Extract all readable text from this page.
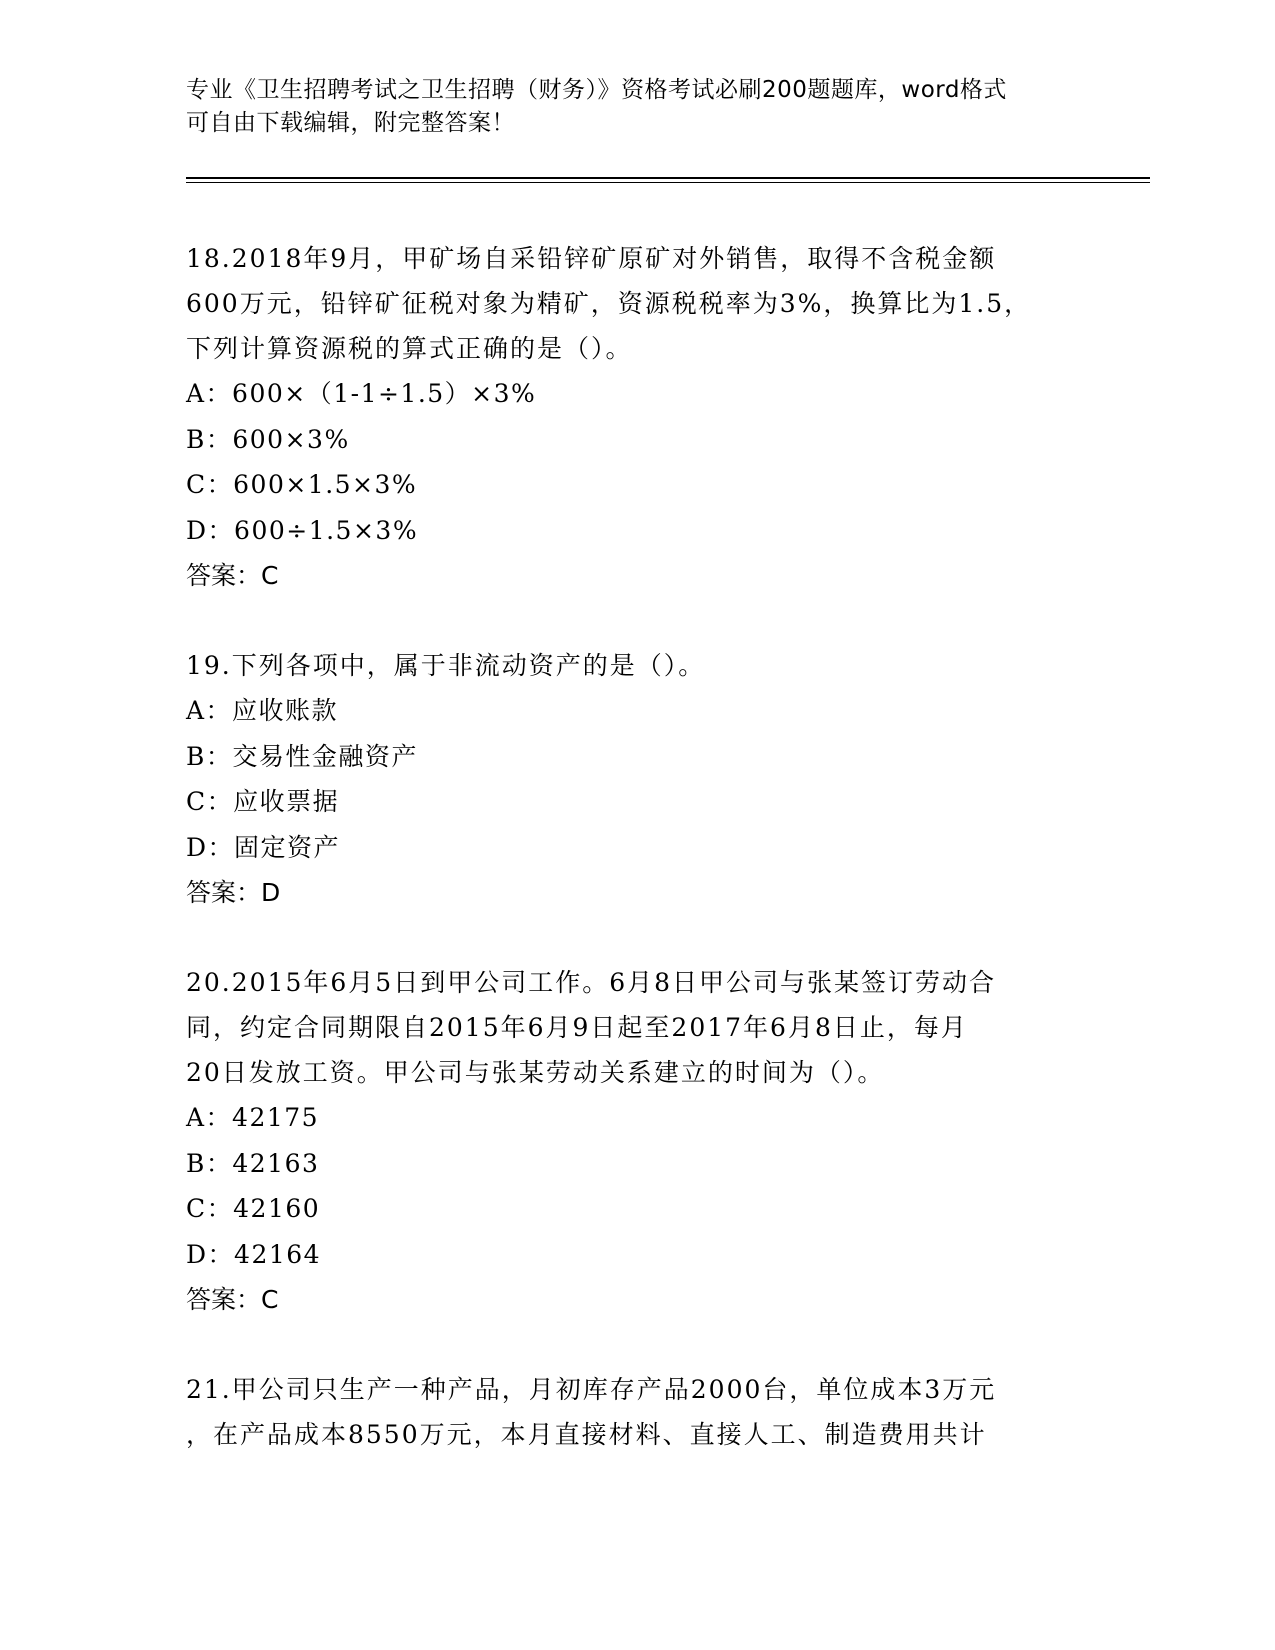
专业《卫生招聘考试之卫生招聘（财务）》资格考试必刷200题题库，word格式
可自由下载编辑，附完整答案！
18.2018年9月，甲矿场自采铅锌矿原矿对外销售，取得不含税金额
600万元，铅锌矿征税对象为精矿，资源税税率为3%，换算比为1.5，
下列计算资源税的算式正确的是（）。
A：600×（1-1÷1.5）×3%
B：600×3%
C：600×1.5×3%
D：600÷1.5×3%
答案：C
19.下列各项中，属于非流动资产的是（）。
A：应收账款
B：交易性金融资产
C：应收票据
D：固定资产
答案：D
20.2015年6月5日到甲公司工作。6月8日甲公司与张某签订劳动合
同，约定合同期限自2015年6月9日起至2017年6月8日止，每月
20日发放工资。甲公司与张某劳动关系建立的时间为（）。
A：42175
B：42163
C：42160
D：42164
答案：C
21.甲公司只生产一种产品，月初库存产品2000台，单位成本3万元
，在产品成本8550万元，本月直接材料、直接人工、制造费用共计
